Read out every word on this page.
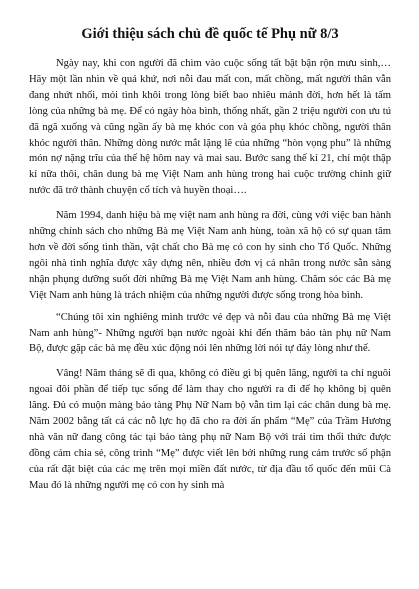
Giới thiệu sách chủ đề quốc tế Phụ nữ 8/3

Ngày nay, khi con người đã chìm vào cuộc sống tất bật bận rộn mưu sinh,…Hãy một lần nhìn về quá khứ, nơi nỗi đau mất con, mất chồng, mất người thân vẫn đang nhứt nhối, mỏi tình khôi trong lòng biết bao nhiêu mảnh đời, hơn hết là tấm lòng của những bà mẹ. Để có ngày hòa bình, thống nhất, gần 2 triệu người con ưu tú đã ngã xuống và cũng ngần ấy bà mẹ khóc con và góa phụ khóc chồng, người thân khóc người thân. Những dòng nước mắt lặng lẽ của những “hòn vọng phu” là những món nợ nặng trĩu của thế hệ hôm nay và mai sau. Bước sang thế kỉ 21, chỉ một thập kỉ nữa thôi, chân dung bà mẹ Việt Nam anh hùng trong hai cuộc trường chinh giữ nước đã trở thành chuyện cổ tích và huyền thoại….

Năm 1994, danh hiệu bà mẹ việt nam anh hùng ra đời, cùng với việc ban hành những chính sách cho những Bà mẹ Việt Nam anh hùng, toàn xã hộ có sự quan tâm hơn về đời sống tình thần, vật chất cho Bà mẹ có con hy sinh cho Tổ Quốc. Những ngôi nhà tình nghĩa được xây dựng nên, nhiều đơn vị cá nhân trong nước sẵn sàng nhận phụng dưỡng suốt đời những Bà mẹ Việt Nam anh hùng. Chăm sóc các Bà mẹ Việt Nam anh hùng là trách nhiệm của những người được sống trong hòa bình.

“Chúng tôi xin nghiêng mình trước vẻ đẹp và nỗi đau của những Bà mẹ Việt Nam anh hùng”- Những người bạn nước ngoài khi đến thăm bảo tàn phụ nữ Nam Bộ, được gặp các bà mẹ đều xúc động nói lên những lời nói tự đáy lòng như thế.

Vâng! Năm tháng sẽ đi qua, không có điều gì bị quên lãng, người ta chỉ nguôi ngoai đôi phần để tiếp tục sống để làm thay cho người ra đi để họ không bị quên lãng. Đủ có muộn màng bảo tàng Phụ Nữ Nam bộ vẫn tìm lại các chân dung bà mẹ. Năm 2002 bằng tất cả các nỗ lực họ đã cho ra đời ấn phẩm “Mẹ” của Trầm Hương nhà văn nữ đang công tác tại bảo tàng phụ nữ Nam Bộ với trái tim thổi thức được đồng cảm chia sẻ, công trình “Mẹ” được viết lên bởi những rung cảm trước số phận của rất đặt biệt của các mẹ trên mọi miền đất nước, từ địa đầu tổ quốc đến mũi Cà Mau đó là những người mẹ có con hy sinh mà
